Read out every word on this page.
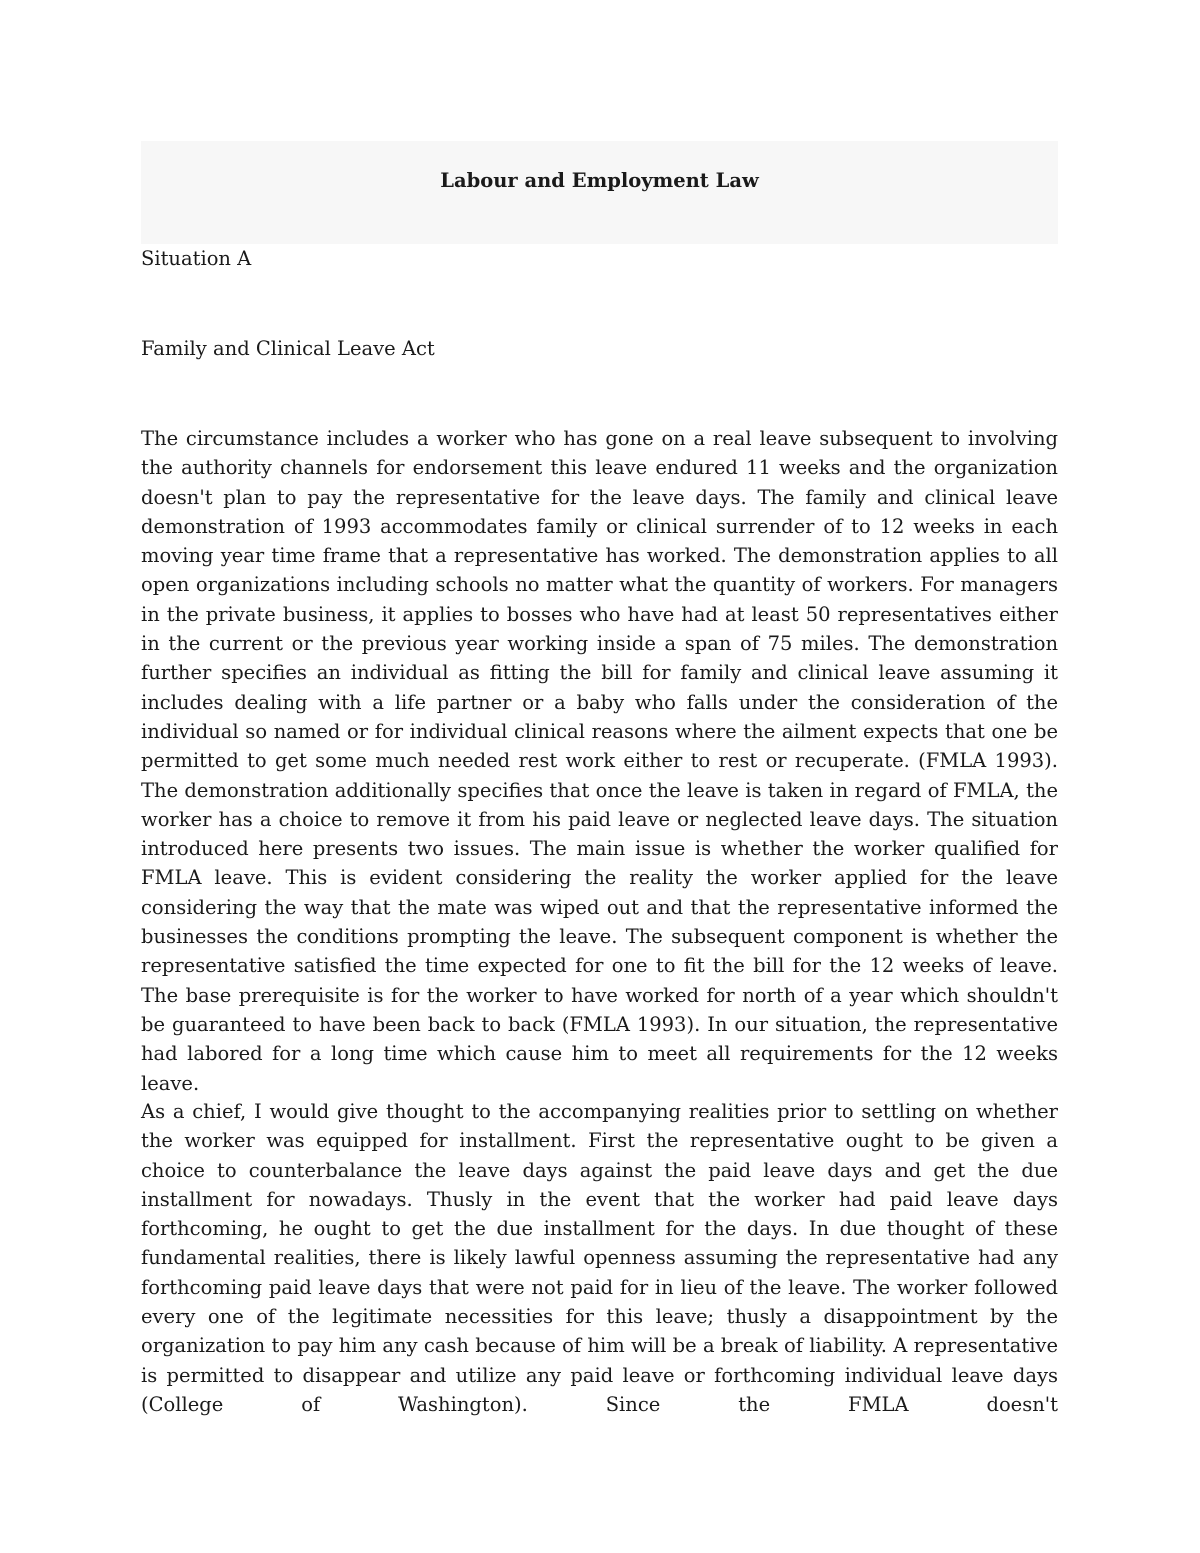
Labour and Employment Law

Situation A

Family and Clinical Leave Act

The circumstance includes a worker who has gone on a real leave subsequent to involving the authority channels for endorsement this leave endured 11 weeks and the organization doesn't plan to pay the representative for the leave days. The family and clinical leave demonstration of 1993 accommodates family or clinical surrender of to 12 weeks in each moving year time frame that a representative has worked. The demonstration applies to all open organizations including schools no matter what the quantity of workers. For managers in the private business, it applies to bosses who have had at least 50 representatives either in the current or the previous year working inside a span of 75 miles. The demonstration further specifies an individual as fitting the bill for family and clinical leave assuming it includes dealing with a life partner or a baby who falls under the consideration of the individual so named or for individual clinical reasons where the ailment expects that one be permitted to get some much needed rest work either to rest or recuperate. (FMLA 1993). The demonstration additionally specifies that once the leave is taken in regard of FMLA, the worker has a choice to remove it from his paid leave or neglected leave days. The situation introduced here presents two issues. The main issue is whether the worker qualified for FMLA leave. This is evident considering the reality the worker applied for the leave considering the way that the mate was wiped out and that the representative informed the businesses the conditions prompting the leave. The subsequent component is whether the representative satisfied the time expected for one to fit the bill for the 12 weeks of leave. The base prerequisite is for the worker to have worked for north of a year which shouldn't be guaranteed to have been back to back (FMLA 1993). In our situation, the representative had labored for a long time which cause him to meet all requirements for the 12 weeks leave.

As a chief, I would give thought to the accompanying realities prior to settling on whether the worker was equipped for installment. First the representative ought to be given a choice to counterbalance the leave days against the paid leave days and get the due installment for nowadays. Thusly in the event that the worker had paid leave days forthcoming, he ought to get the due installment for the days. In due thought of these fundamental realities, there is likely lawful openness assuming the representative had any forthcoming paid leave days that were not paid for in lieu of the leave. The worker followed every one of the legitimate necessities for this leave; thusly a disappointment by the organization to pay him any cash because of him will be a break of liability. A representative is permitted to disappear and utilize any paid leave or forthcoming individual leave days (College of Washington). Since the FMLA doesn't
